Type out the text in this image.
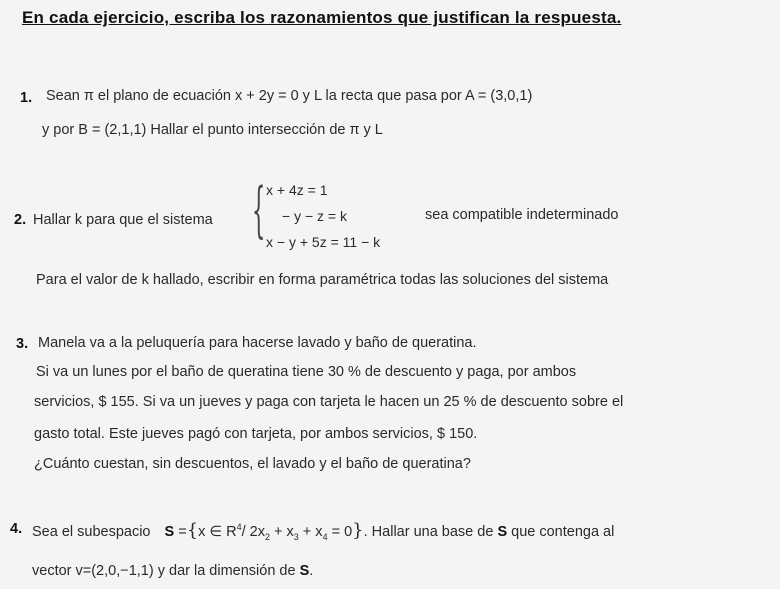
En cada ejercicio, escriba los razonamientos que justifican la respuesta.
1. Sean π el plano de ecuación x + 2y = 0 y L la recta que pasa por A = (3,0,1)
y por B = (2,1,1) Hallar el punto intersección de π y L
2. Hallar k para que el sistema { x + 4z = 1
− y − z = k
x − y + 5z = 11 − k
sea compatible indeterminado
Para el valor de k hallado, escribir en forma paramétrica todas las soluciones del sistema
3. Manela va a la peluquería para hacerse lavado y baño de queratina.
Si va un lunes por el baño de queratina tiene 30 % de descuento y paga, por ambos
servicios, $ 155. Si va un jueves y paga con tarjeta le hacen un 25 % de descuento sobre el
gasto total. Este jueves pagó con tarjeta, por ambos servicios, $ 150.
¿Cuánto cuestan, sin descuentos, el lavado y el baño de queratina?
4. Sea el subespacio S ={x ∈ $R^4/$ $2x_2 + x_3 + x_4 = 0$}. Hallar una base de S que contenga al
vector v=(2,0,−1,1) y dar la dimensión de S.
